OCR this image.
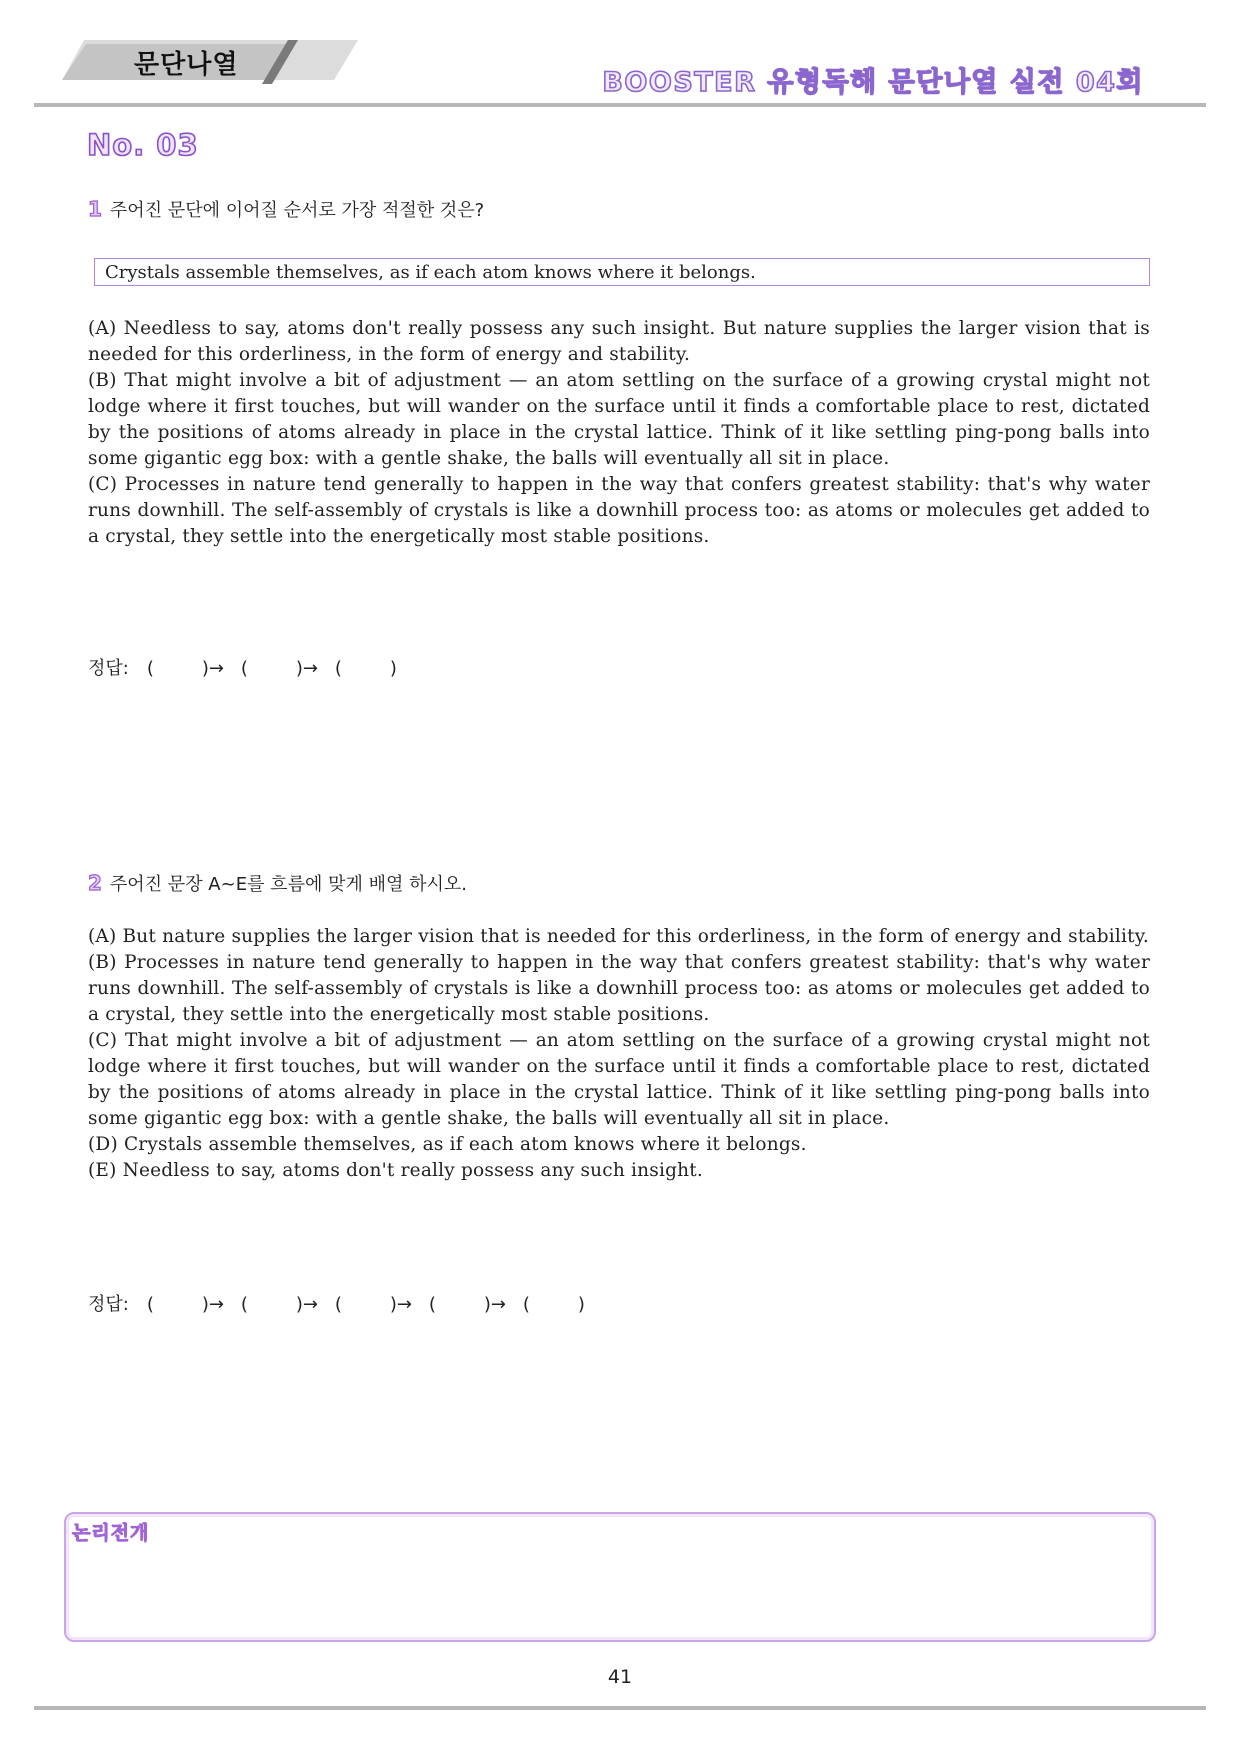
문단나열
BOOSTER 유형독해 문단나열 실전 04회
No. 03
1 주어진 문단에 이어질 순서로 가장 적절한 것은?
Crystals assemble themselves, as if each atom knows where it belongs.

(A) Needless to say, atoms don't really possess any such insight. But nature supplies the larger vision that is needed for this orderliness, in the form of energy and stability.

(B) That might involve a bit of adjustment — an atom settling on the surface of a growing crystal might not lodge where it first touches, but will wander on the surface until it finds a comfortable place to rest, dictated by the positions of atoms already in place in the crystal lattice. Think of it like settling ping-pong balls into some gigantic egg box: with a gentle shake, the balls will eventually all sit in place.

(C) Processes in nature tend generally to happen in the way that confers greatest stability: that's why water runs downhill. The self-assembly of crystals is like a downhill process too: as atoms or molecules get added to a crystal, they settle into the energetically most stable positions.

정답: (	)→ (	)→ (	)
2 주어진 문장 A~E를 흐름에 맞게 배열 하시오.

(A) But nature supplies the larger vision that is needed for this orderliness, in the form of energy and stability.

(B) Processes in nature tend generally to happen in the way that confers greatest stability: that's why water runs downhill. The self-assembly of crystals is like a downhill process too: as atoms or molecules get added to a crystal, they settle into the energetically most stable positions.

(C) That might involve a bit of adjustment — an atom settling on the surface of a growing crystal might not lodge where it first touches, but will wander on the surface until it finds a comfortable place to rest, dictated by the positions of atoms already in place in the crystal lattice. Think of it like settling ping-pong balls into some gigantic egg box: with a gentle shake, the balls will eventually all sit in place.

(D) Crystals assemble themselves, as if each atom knows where it belongs.

(E) Needless to say, atoms don't really possess any such insight.

정답: (	)→ (	)→ (	)→ (	)→ (	)
논리전개
41
